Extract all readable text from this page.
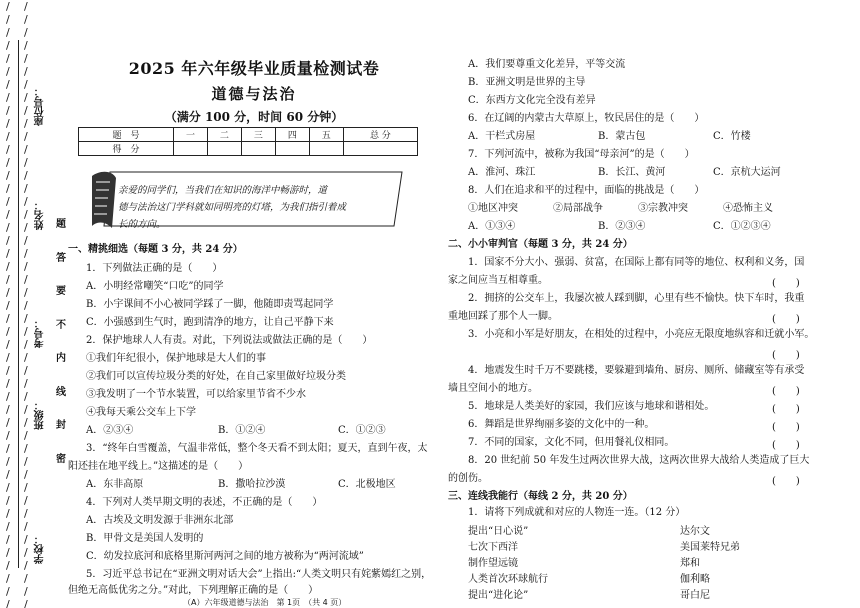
/
/
/
/
/
/
/
/
/
/
/
/
/
/
/
/
/
/
/
/
/
/
/
/
/
/
/
/
/
/
/
/
/
/
/
/
/
/
/
/
/
/
/
/
/
/
/
/
/
/
/
/
/
/
/
/
/
/
/
/
/
/
/
/
/
/
/
/
/
/
/
/
/
/
/
/
/
/
/
/
/
/
/
/
/
/
/
/
/
/
/
/
/
/
座位号：
姓名：
考号：
班级：
学校：
题
答
要
不
内
线
封
密
2025 年六年级毕业质量检测试卷
道德与法治
（满分 100 分，时间 60 分钟）
题　号	一	二	三	四	五	总 分
得　分						
亲爱的同学们，当我们在知识的海洋中畅游时，道
德与法治这门学科就如同明亮的灯塔，为我们指引着成
长的方向。
一、精挑细选（每题 3 分，共 24 分）
1．下列做法正确的是（　　）
A．小明经常嘲笑“口吃”的同学
B．小宇课间不小心被同学踩了一脚，他随即责骂起同学
C．小强感到生气时，跑到清净的地方，让自己平静下来
2．保护地球人人有责。对此，下列说法或做法正确的是（　　）
①我们年纪很小，保护地球是大人们的事
②我们可以宣传垃圾分类的好处，在自己家里做好垃圾分类
③我发明了一个节水装置，可以给家里节省不少水
④我每天乘公交车上下学
A．②③④	B．①②④	C．①②③
3．“终年白雪覆盖，气温非常低，整个冬天看不到太阳；夏天，直到午夜，太
阳还挂在地平线上。”这描述的是（　　）
A．东非高原	B．撒哈拉沙漠	C．北极地区
4．下列对人类早期文明的表述，不正确的是（　　）
A．古埃及文明发源于非洲东北部
B．甲骨文是美国人发明的
C．幼发拉底河和底格里斯河两河之间的地方被称为“两河流域”
5．习近平总书记在“亚洲文明对话大会”上指出:“人类文明只有姹紫嫣红之别，
但绝无高低优劣之分。”对此，下列理解正确的是（　　）
（A）六年级道德与法治　第 1页　（共 4 页）
A．我们要尊重文化差异，平等交流
B．亚洲文明是世界的主导
C．东西方文化完全没有差异
6．在辽阔的内蒙古大草原上，牧民居住的是（　　）
A．干栏式房屋	B．蒙古包	C．竹楼
7．下列河流中，被称为我国“母亲河”的是（　　）
A．淮河、珠江	B．长江、黄河	C．京杭大运河
8．人们在追求和平的过程中，面临的挑战是（　　）
①地区冲突	②局部战争	③宗教冲突	④恐怖主义
A．①③④	B．②③④	C．①②③④
二、小小审判官（每题 3 分，共 24 分）
1．国家不分大小、强弱、贫富，在国际上都有同等的地位、权利和义务，国
家之间应当互相尊重。	(　　)
2．拥挤的公交车上，我屡次被人踩到脚，心里有些不愉快。快下车时，我重
重地回踩了那个人一脚。	(　　)
3．小亮和小军是好朋友，在相处的过程中，小亮应无限度地纵容和迁就小军。
(　　)
4．地震发生时千万不要跳楼，要躲避到墙角、厨房、厕所、储藏室等有承受
墙且空间小的地方。	(　　)
5．地球是人类美好的家园，我们应该与地球和谐相处。	(　　)
6．舞蹈是世界绚丽多姿的文化中的一种。	(　　)
7．不同的国家，文化不同，但用餐礼仪相同。	(　　)
8．20 世纪前 50 年发生过两次世界大战，这两次世界大战给人类造成了巨大
的创伤。	(　　)
三、连线我能行（每线 2 分，共 20 分）
1．请将下列成就和对应的人物连一连。（12 分）
提出“日心说”	达尔文
七次下西洋	美国莱特兄弟
制作望远镜	郑和
人类首次环球航行	伽利略
提出“进化论”	哥白尼
